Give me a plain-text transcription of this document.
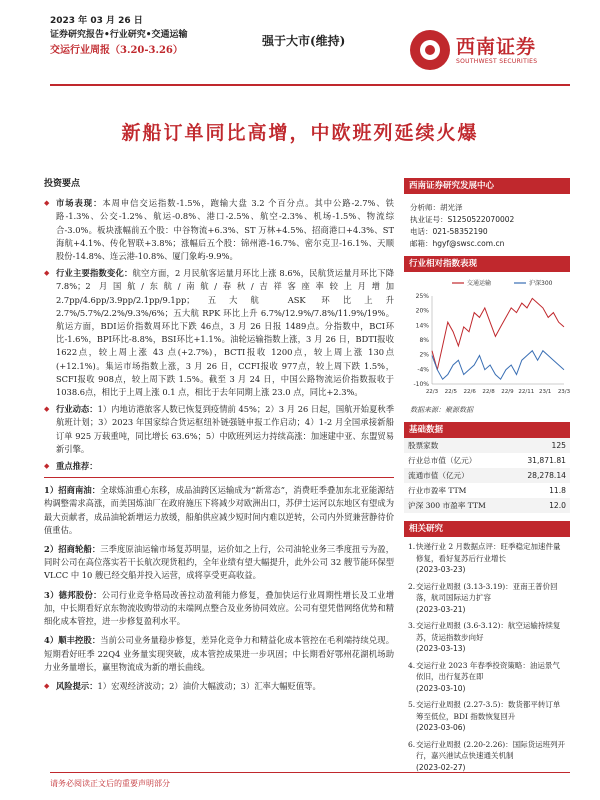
2023 年 03 月 26 日
证券研究报告•行业研究•交通运输
交运行业周报（3.20-3.26）
强于大市(维持)	西南证券
SOUTHWEST SECURITIES
新船订单同比高增，中欧班列延续火爆
投资要点
◆ 市场表现：本周申信交运指数-1.5%，跑输大盘 3.2 个百分点。其中公路-2.7%、铁路-1.3%、公交-1.2%、航运-0.8%、港口-2.5%、航空-2.3%、机场-1.5%、物流综合-3.0%。板块涨幅前五个股：中谷物流+6.3%、ST 万林+4.5%、招商港口+4.3%、ST 海航+4.1%、传化智联+3.8%；涨幅后五个股：锦州港-16.7%、密尔克卫-16.1%、天顺股份-14.8%、连云港-10.8%、厦门象屿-9.9%。
◆ 行业主要指数变化：航空方面，2 月民航客运量月环比上涨 8.6%，民航货运量月环比下降 7.8%；2 月国航/东航/南航/春秋/吉祥客座率较上月增加 2.7pp/4.6pp/3.9pp/2.1pp/9.1pp；五大航 ASK 环比上升 2.7%/5.7%/2.2%/9.3%/6%；五大航 RPK 环比上升 6.7%/12.9%/7.8%/11.9%/19%。航运方面，BDI运价指数周环比下跌 46点，3 月 26 日报 1489点。分指数中，BCI环比-1.6%，BPI环比-8.8%，BSI环比+1.1%。油轮运输指数上涨，3 月 26 日，BDTI报收 1622点，较上周上涨 43 点(+2.7%)，BCTI报收 1200点，较上周上涨 130点(+12.1%)。集运市场指数上涨，3 月 26 日，CCFI报收 977点，较上周下跌 1.5%，SCFI报收 908点，较上周下跌 1.5%。截至 3 月 24 日，中国公路物流运价指数报收于 1038.6点，相比于上周上涨 0.1 点，相比于去年同期上涨 23.0 点，同比+2.3%。
◆ 行业动态：1）内地访港旅客人数已恢复到疫情前 45%；2）3 月 26 日起，国航开始夏秋季航班计划；3）2023 年国家综合货运枢纽补链强链申报工作启动；4）1-2 月全国承接新船订单 925 万载重吨，同比增长 63.6%；5）中欧班列运力持续高涨：加速建中亚、东盟贸易新引擎。
◆ 重点推荐：
1）招商南油：全球炼油重心东移，成品油跨区运输成为“新常态”，消费旺季叠加东北亚能源结构调整需求高涨，而美国炼油厂在政府施压下将减少对欧洲出口，苏伊士运河以东地区有望成为最大贡献者，成品油轮新增运力放缓，船舶供应减少短时间内难以逆转，公司内外贸兼营静待价值重估。
2）招商轮船：三季度原油运输市场复苏明显，运价如之上行，公司油轮业务三季度扭亏为盈，同时公司在高位落实若干长航次现货租约，全年业绩有望大幅提升，此外公司 32 艘节能环保型 VLCC 中 10 艘已经交船并投入运营，成将享受更高收益。
3）德邦股份：公司行业竞争格局改善拉动盈利能力修复，叠加快运行业周期性增长及工业增加，中长期看好京东物流收购带动的末端网点整合及业务协同效应。公司有望凭借网络优势和精细化成本管控，进一步修复盈利水平。
4）顺丰控股：当前公司业务量稳步修复，差异化竞争力和精益化成本管控在毛利端持续兑现。短期看好旺季 22Q4 业务量实现突破，成本管控成果进一步巩固；中长期看好鄂州花湖机场助力业务量增长，赢里物流成为新的增长曲线。
◆ 风险提示：1）宏观经济波动；2）油价大幅波动；3）汇率大幅贬值等。
西南证券研究发展中心
分析师：胡光泽
执业证号：S1250522070002
电话：021-58352190
邮箱：hgyf@swsc.com.cn
行业相对指数表现
25%
20%
14%
8%
2%
-4%
-10%
22/3 22/5 22/6 22/8 22/9 22/11 23/1 23/3
交通运输	沪深300
数据来源：聚源数据
基础数据
股票家数	125
行业总市值（亿元）	31,871.81
流通市值（亿元）	28,278.14
行业市盈率 TTM	11.8
沪深 300 市盈率 TTM	12.0
相关研究
1. 快递行业 2 月数据点评：旺季稳定加速件量修复，看好复苏后行业增长
(2023-03-23)
2. 交运行业周报 (3.13-3.19)：亚南王普价回落，航司国际运力扩容
(2023-03-21)
3. 交运行业周报 (3.6-3.12)：航空运输持续复苏，货运指数步向好
(2023-03-13)
4. 交运行业 2023 年春季投资策略：油运景气依旧，出行复苏在即
(2023-03-10)
5. 交运行业周报 (2.27-3.5)：数货都平转订单筹至低位，BDI 指数恢复回升
(2023-03-06)
6. 交运行业周报 (2.20-2.26)：国际货运班列开行，嘉兴港试点快速通关机制
(2023-02-27)
请务必阅读正文后的重要声明部分
